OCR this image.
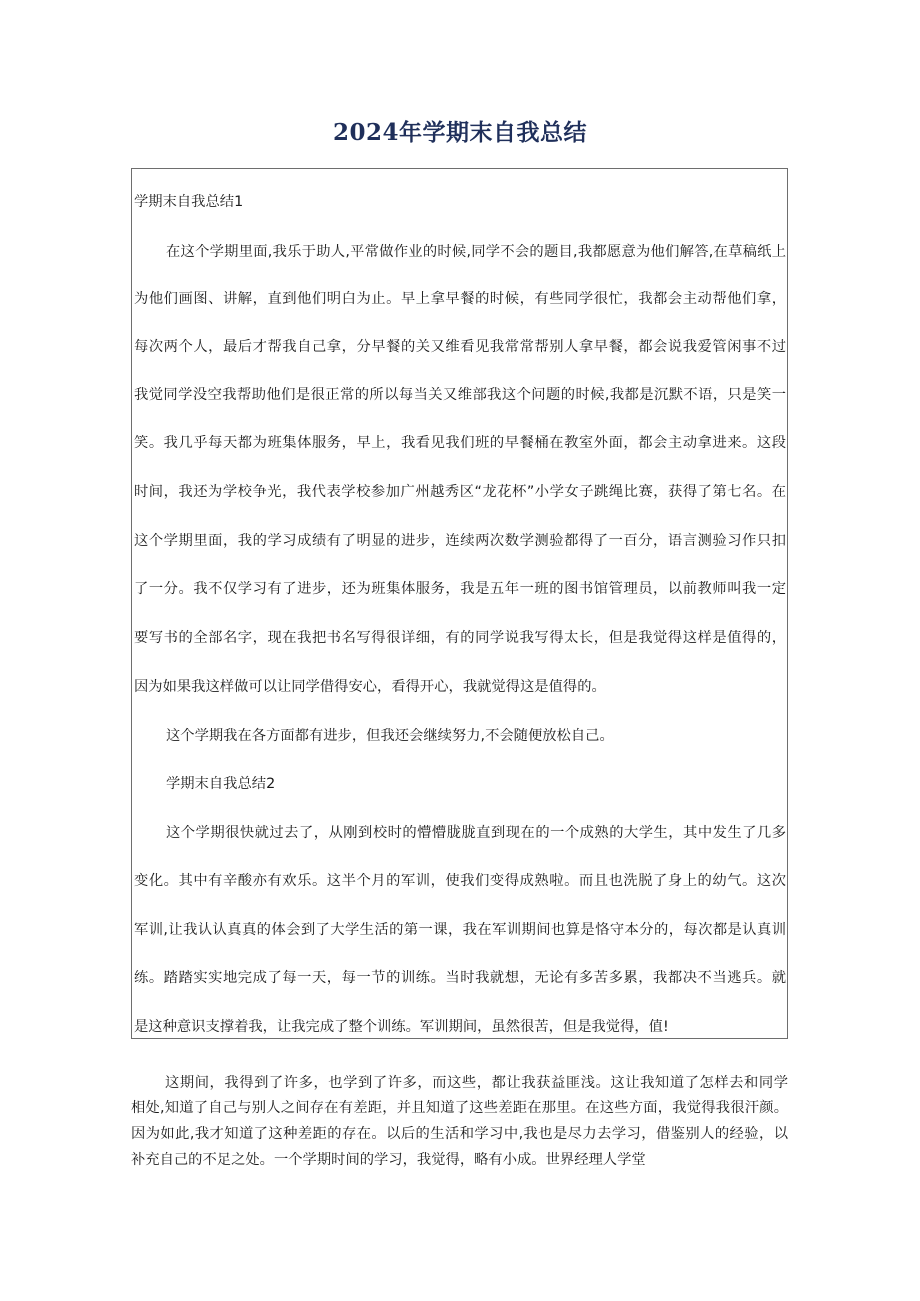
2024年学期末自我总结
学期末自我总结1
在这个学期里面,我乐于助人,平常做作业的时候,同学不会的题目,我都愿意为他们解答,在草稿纸上
为他们画图、讲解，直到他们明白为止。早上拿早餐的时候，有些同学很忙，我都会主动帮他们拿，
每次两个人，最后才帮我自己拿，分早餐的关又维看见我常常帮别人拿早餐，都会说我爱管闲事不过
我觉同学没空我帮助他们是很正常的所以每当关又维部我这个问题的时候,我都是沉默不语，只是笑一
笑。我几乎每天都为班集体服务，早上，我看见我们班的早餐桶在教室外面，都会主动拿进来。这段
时间，我还为学校争光，我代表学校参加广州越秀区“龙花杯”小学女子跳绳比赛，获得了第七名。在
这个学期里面，我的学习成绩有了明显的进步，连续两次数学测验都得了一百分，语言测验习作只扣
了一分。我不仅学习有了进步，还为班集体服务，我是五年一班的图书馆管理员，以前教师叫我一定
要写书的全部名字，现在我把书名写得很详细，有的同学说我写得太长，但是我觉得这样是值得的，
因为如果我这样做可以让同学借得安心，看得开心，我就觉得这是值得的。
这个学期我在各方面都有进步，但我还会继续努力,不会随便放松自己。
学期末自我总结2
这个学期很快就过去了，从刚到校时的懵懵胧胧直到现在的一个成熟的大学生，其中发生了几多
变化。其中有辛酸亦有欢乐。这半个月的军训，使我们变得成熟啦。而且也洗脱了身上的幼气。这次
军训,让我认认真真的体会到了大学生活的第一课，我在军训期间也算是恪守本分的，每次都是认真训
练。踏踏实实地完成了每一天，每一节的训练。当时我就想，无论有多苦多累，我都决不当逃兵。就
是这种意识支撑着我，让我完成了整个训练。军训期间，虽然很苦，但是我觉得，值!
这期间，我得到了许多，也学到了许多，而这些，都让我获益匪浅。这让我知道了怎样去和同学
相处,知道了自己与别人之间存在有差距，并且知道了这些差距在那里。在这些方面，我觉得我很汗颜。
因为如此,我才知道了这种差距的存在。以后的生活和学习中,我也是尽力去学习，借鉴别人的经验，以
补充自己的不足之处。一个学期时间的学习，我觉得，略有小成。世界经理人学堂
